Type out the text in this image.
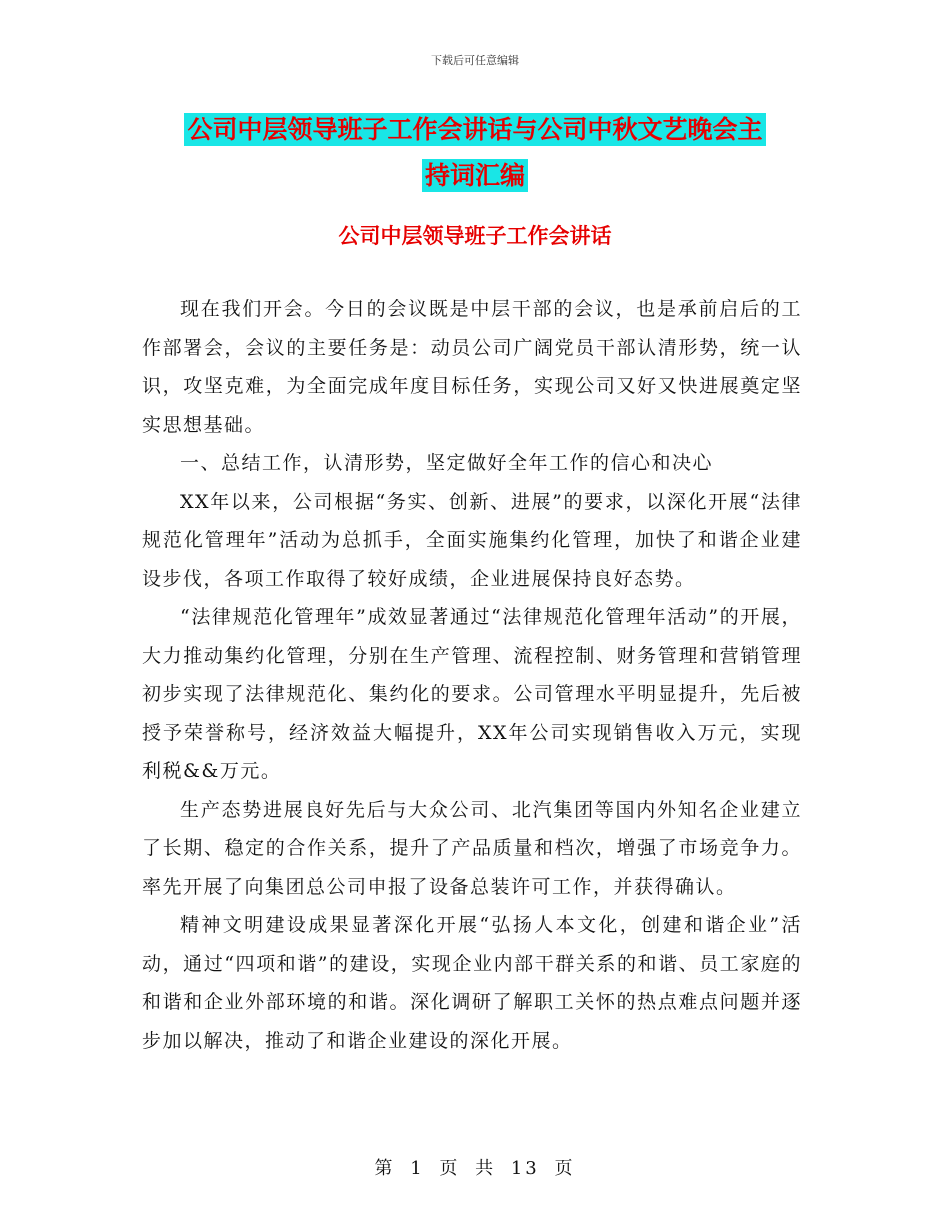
下载后可任意编辑
公司中层领导班子工作会讲话与公司中秋文艺晚会主
持词汇编
公司中层领导班子工作会讲话

现在我们开会。今日的会议既是中层干部的会议，也是承前启后的工作部署会，会议的主要任务是：动员公司广阔党员干部认清形势，统一认识，攻坚克难，为全面完成年度目标任务，实现公司又好又快进展奠定坚实思想基础。

一、总结工作，认清形势，坚定做好全年工作的信心和决心

XX年以来，公司根据“务实、创新、进展”的要求，以深化开展“法律规范化管理年”活动为总抓手，全面实施集约化管理，加快了和谐企业建设步伐，各项工作取得了较好成绩，企业进展保持良好态势。

“法律规范化管理年”成效显著通过“法律规范化管理年活动”的开展，大力推动集约化管理，分别在生产管理、流程控制、财务管理和营销管理初步实现了法律规范化、集约化的要求。公司管理水平明显提升，先后被授予荣誉称号，经济效益大幅提升，XX年公司实现销售收入万元，实现利税&&万元。

生产态势进展良好先后与大众公司、北汽集团等国内外知名企业建立了长期、稳定的合作关系，提升了产品质量和档次，增强了市场竞争力。率先开展了向集团总公司申报了设备总装许可工作，并获得确认。

精神文明建设成果显著深化开展“弘扬人本文化，创建和谐企业”活动，通过“四项和谐”的建设，实现企业内部干群关系的和谐、员工家庭的和谐和企业外部环境的和谐。深化调研了解职工关怀的热点难点问题并逐步加以解决，推动了和谐企业建设的深化开展。

第 1 页 共 13 页
